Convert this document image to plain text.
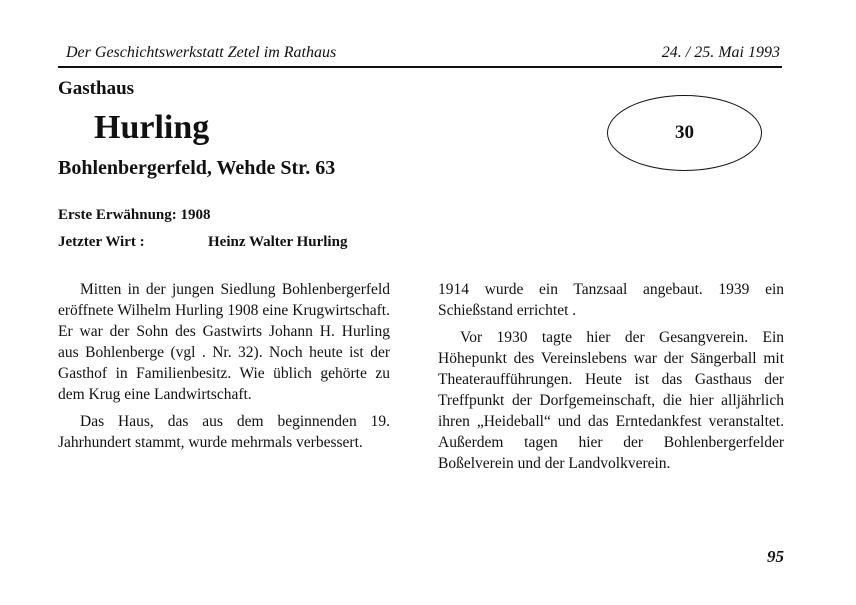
Der Geschichtswerkstatt Zetel im Rathaus	24. / 25. Mai 1993
Gasthaus
Hurling
Bohlenbergerfeld, Wehde Str. 63
30
Erste Erwähnung: 1908
Jetzter Wirt :	Heinz Walter Hurling

Mitten in der jungen Siedlung Bohlenbergerfeld eröffnete Wilhelm Hurling 1908 eine Krugwirtschaft. Er war der Sohn des Gastwirts Johann H. Hurling aus Bohlenberge (vgl . Nr. 32). Noch heute ist der Gasthof in Familienbesitz. Wie üblich gehörte zu dem Krug eine Landwirtschaft.

Das Haus, das aus dem beginnenden 19. Jahrhundert stammt, wurde mehrmals verbessert.

1914 wurde ein Tanzsaal angebaut. 1939 ein Schießstand errichtet .

Vor 1930 tagte hier der Gesangverein. Ein Höhepunkt des Vereinslebens war der Sängerball mit Theateraufführungen. Heute ist das Gasthaus der Treffpunkt der Dorfgemeinschaft, die hier alljährlich ihren „Heideball“ und das Erntedankfest veranstaltet. Außerdem tagen hier der Bohlenbergerfelder Boßelverein und der Landvolkverein.

95
